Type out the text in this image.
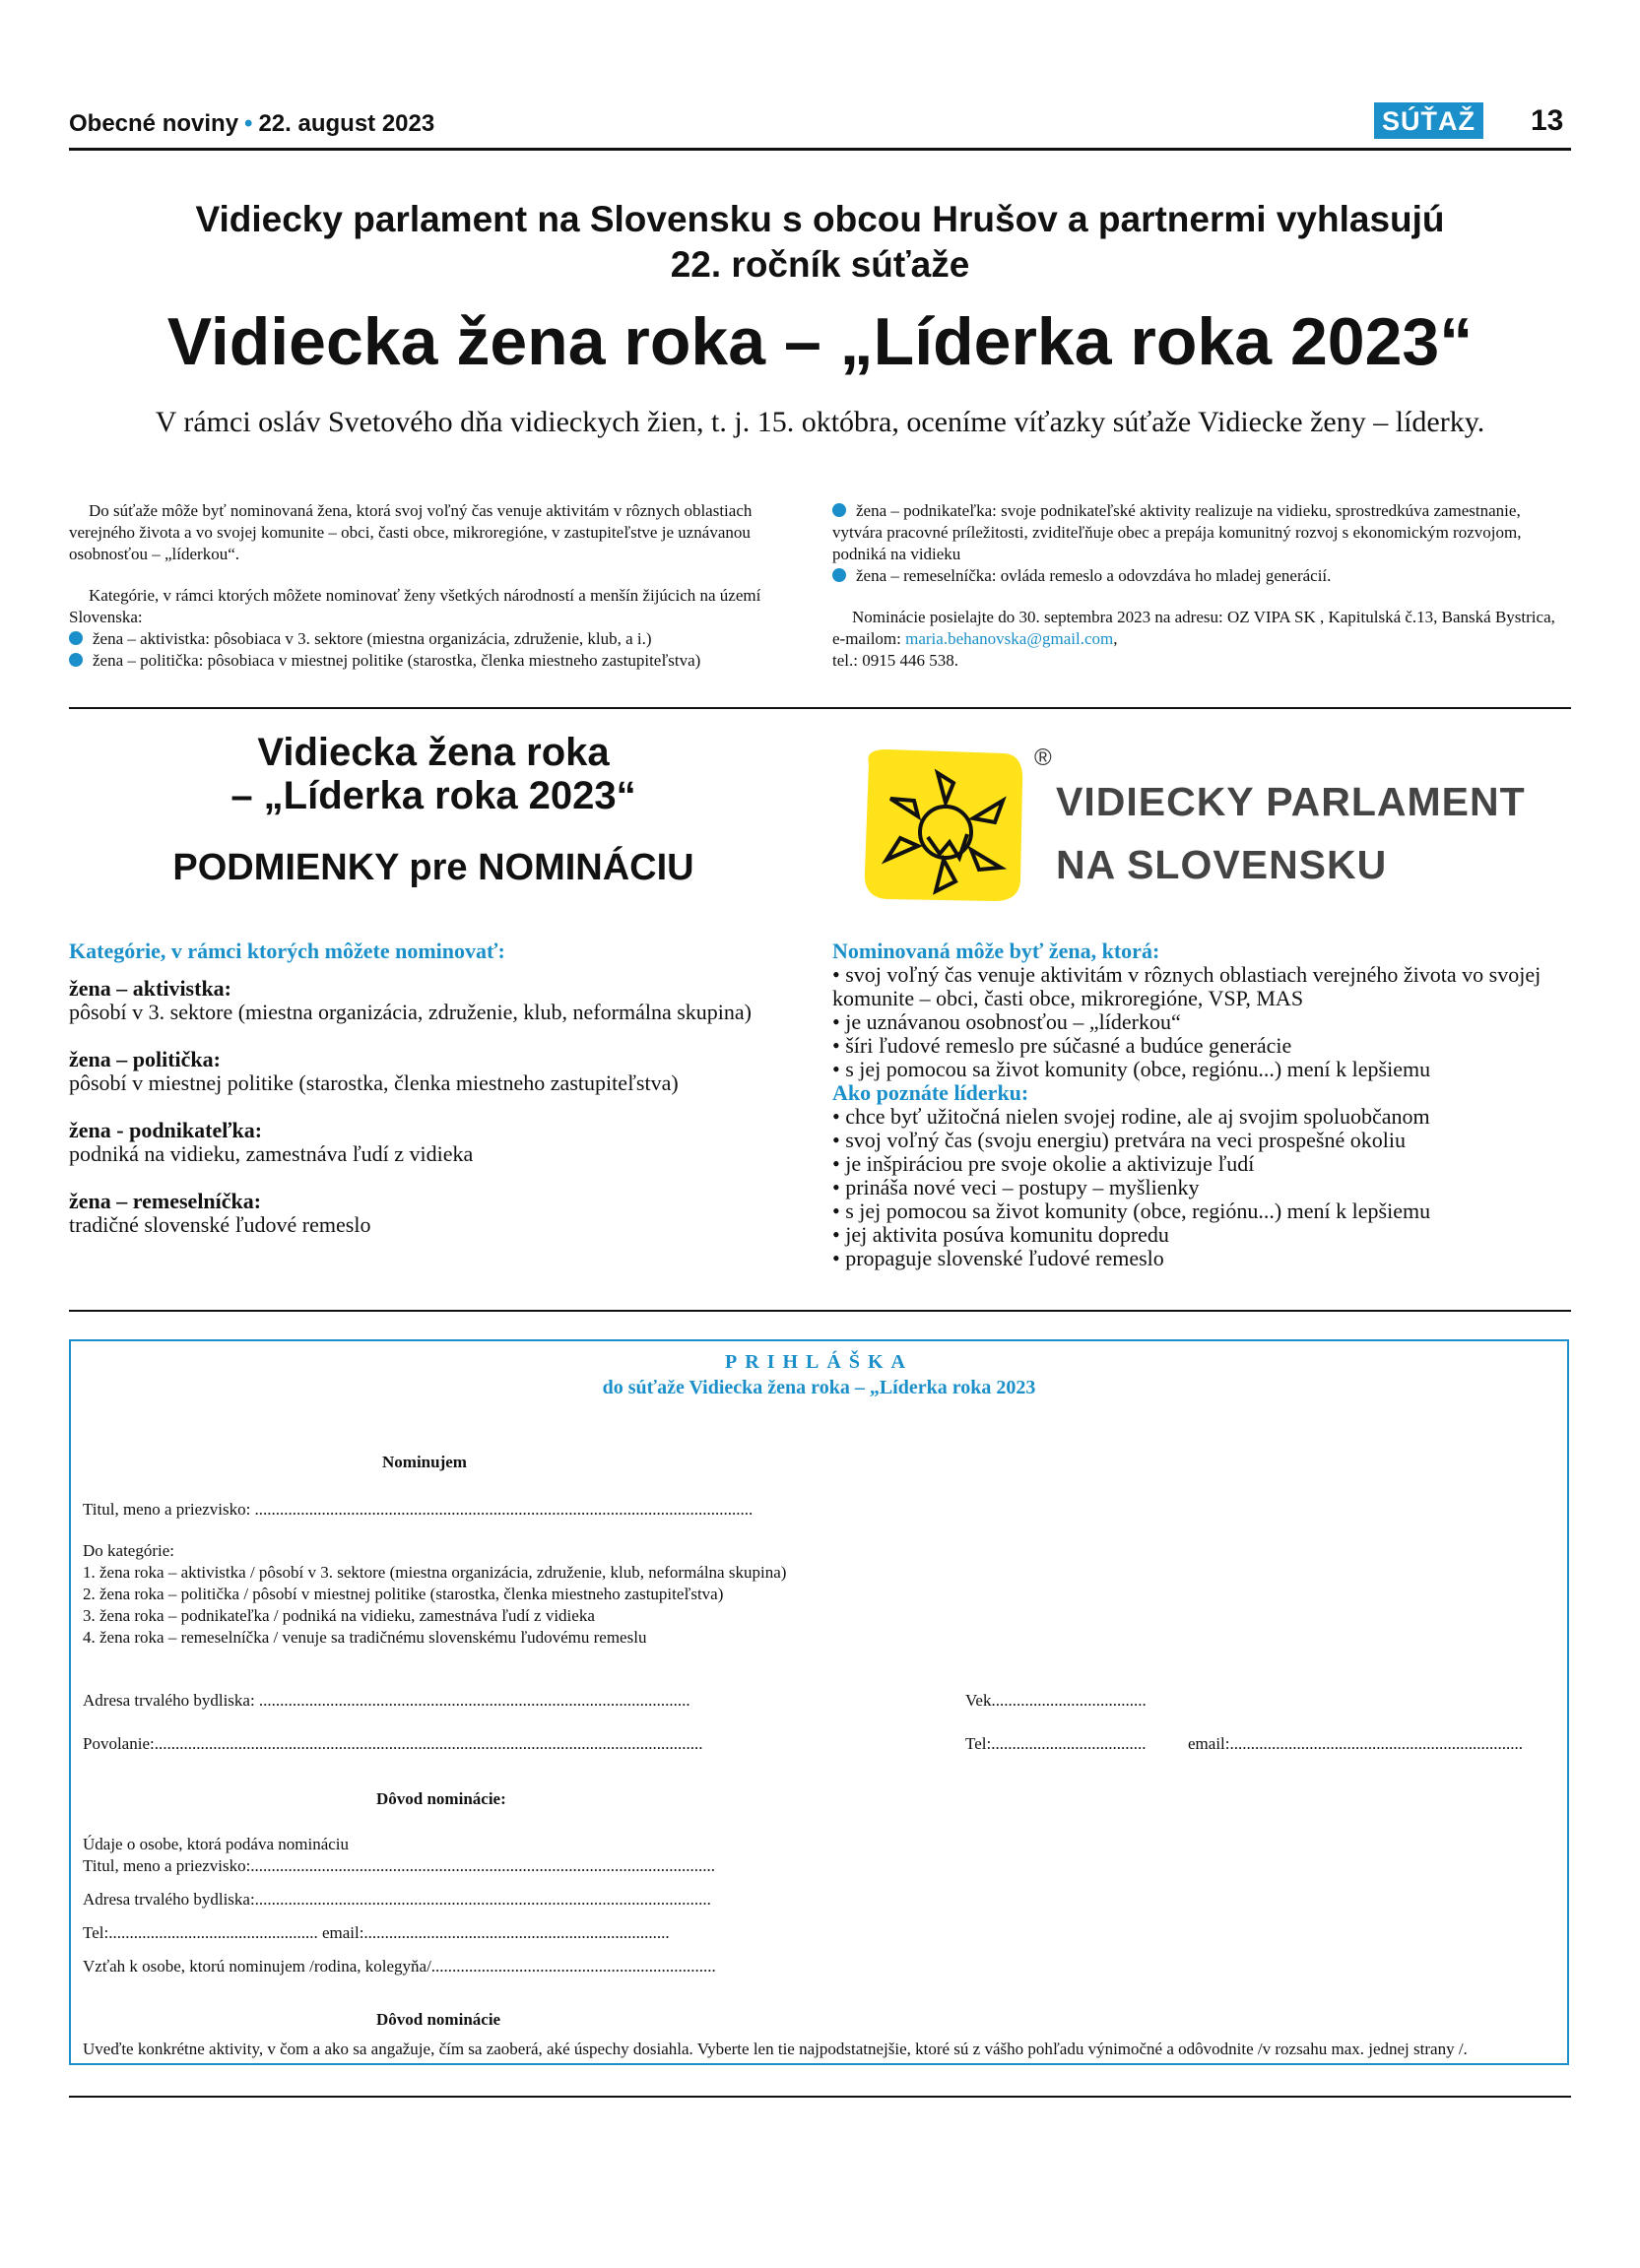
Obecné noviny • 22. august 2023	SÚŤAŽ 13
Vidiecky parlament na Slovensku s obcou Hrušov a partnermi vyhlasujú
22. ročník súťaže
Vidiecka žena roka – „Líderka roka 2023“
V rámci osláv Svetového dňa vidieckych žien, t. j. 15. októbra, oceníme víťazky súťaže Vidiecke ženy – líderky.

Do súťaže môže byť nominovaná žena, ktorá svoj voľný čas venuje aktivitám v rôznych oblastiach verejného života a vo svojej komunite – obci, časti obce, mikroregióne, v zastupiteľstve je uznávanou osobnosťou – „líderkou“.

Kategórie, v rámci ktorých môžete nominovať ženy všetkých národností a menšín žijúcich na území Slovenska:

žena – aktivistka: pôsobiaca v 3. sektore (miestna organizácia, združenie, klub, a i.)
žena – politička: pôsobiaca v miestnej politike (starostka, členka miestneho zastupiteľstva)
žena – podnikateľka: svoje podnikateľské aktivity realizuje na vidieku, sprostredkúva zamestnanie, vytvára pracovné príležitosti, zviditeľňuje obec a prepája komunitný rozvoj s ekonomickým rozvojom, podniká na vidieku
žena – remeselníčka: ovláda remeslo a odovzdáva ho mladej generácií.
Nominácie posielajte do 30. septembra 2023 na adresu: OZ VIPA SK , Kapitulská č.13, Banská Bystrica,
e-mailom: maria.behanovska@gmail.com,
tel.: 0915 446 538.
Vidiecka žena roka
– „Líderka roka 2023“
PODMIENKY pre NOMINÁCIU
®
VIDIECKY PARLAMENT
NA SLOVENSKU
Kategórie, v rámci ktorých môžete nominovať:
žena – aktivistka:
pôsobí v 3. sektore (miestna organizácia, združenie, klub, neformálna skupina)
žena – politička:
pôsobí v miestnej politike (starostka, členka miestneho zastupiteľstva)
žena - podnikateľka:
podniká na vidieku, zamestnáva ľudí z vidieka
žena – remeselníčka:
tradičné slovenské ľudové remeslo
Nominovaná môže byť žena, ktorá:
• svoj voľný čas venuje aktivitám v rôznych oblastiach verejného života vo svojej komunite – obci, časti obce, mikroregióne, VSP, MAS
• je uznávanou osobnosťou – „líderkou“
• šíri ľudové remeslo pre súčasné a budúce generácie
• s jej pomocou sa život komunity (obce, regiónu...) mení k lepšiemu
Ako poznáte líderku:
• chce byť užitočná nielen svojej rodine, ale aj svojim spoluobčanom
• svoj voľný čas (svoju energiu) pretvára na veci prospešné okoliu
• je inšpiráciou pre svoje okolie a aktivizuje ľudí
• prináša nové veci – postupy – myšlienky
• s jej pomocou sa život komunity (obce, regiónu...) mení k lepšiemu
• jej aktivita posúva komunitu dopredu
• propaguje slovenské ľudové remeslo
PRIHLÁŠKA
do súťaže Vidiecka žena roka – „Líderka roka 2023
Nominujem
Titul, meno a priezvisko: .......................................................................................................................
Do kategórie:
1. žena roka – aktivistka / pôsobí v 3. sektore (miestna organizácia, združenie, klub, neformálna skupina)
2. žena roka – politička / pôsobí v miestnej politike (starostka, členka miestneho zastupiteľstva)
3. žena roka – podnikateľka / podniká na vidieku, zamestnáva ľudí z vidieka
4. žena roka – remeselníčka / venuje sa tradičnému slovenskému ľudovému remeslu
Adresa trvalého bydliska: .......................................................................................................	Vek.....................................
Povolanie:...................................................................................................................................	Tel:.....................................	email:......................................................................
Dôvod nominácie:
Údaje o osobe, ktorá podáva nomináciu
Titul, meno a priezvisko:...............................................................................................................
Adresa trvalého bydliska:.............................................................................................................
Tel:.................................................. email:.........................................................................
Vzťah k osobe, ktorú nominujem /rodina, kolegyňa/....................................................................
Dôvod nominácie
Uveďte konkrétne aktivity, v čom a ako sa angažuje, čím sa zaoberá, aké úspechy dosiahla. Vyberte len tie najpodstatnejšie, ktoré sú z vášho pohľadu výnimočné a odôvodnite /v rozsahu max. jednej strany /.
